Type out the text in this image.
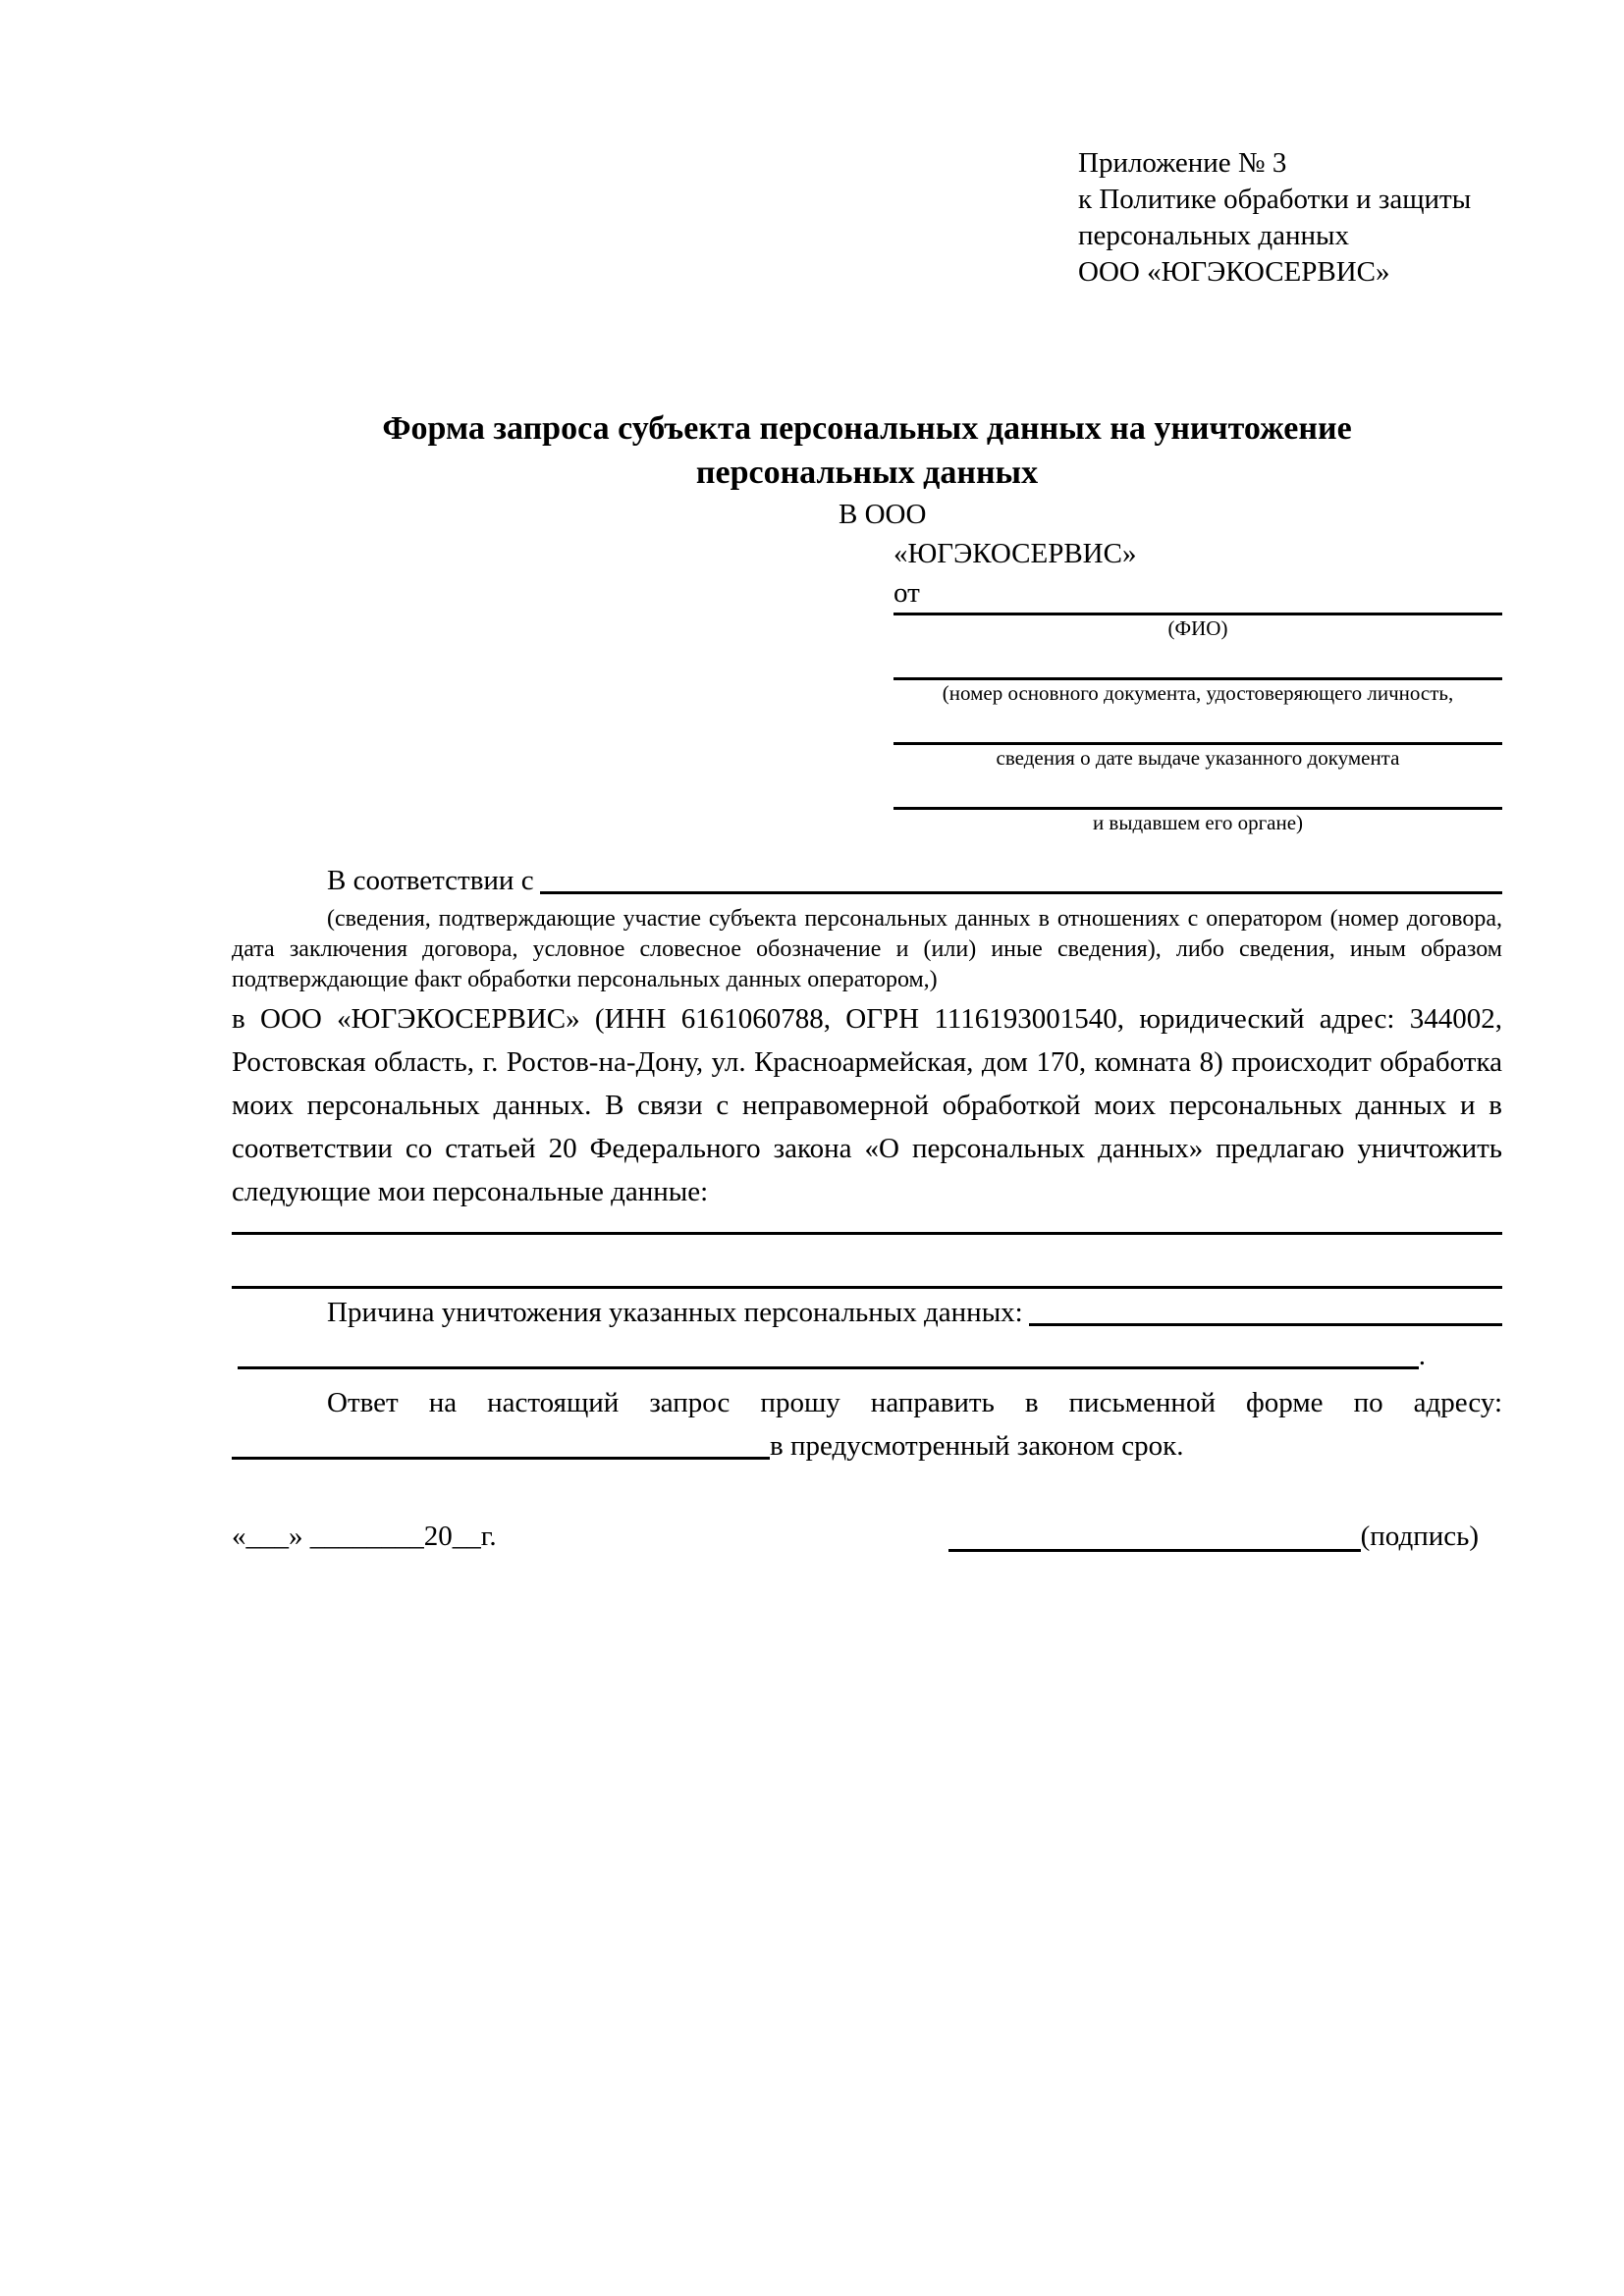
Приложение № 3
к Политике обработки и защиты
персональных данных
ООО «ЮГЭКОСЕРВИС»
Форма запроса субъекта персональных данных на уничтожение
персональных данных
В ООО
«ЮГЭКОСЕРВИС»
от
(ФИО)
(номер основного документа, удостоверяющего личность,
сведения о дате выдаче указанного документа
и выдавшем его органе)
В соответствии с
(сведения, подтверждающие участие субъекта персональных данных в отношениях с оператором (номер договора, дата заключения договора, условное словесное обозначение и (или) иные сведения), либо сведения, иным образом подтверждающие факт обработки персональных данных оператором,)
в ООО «ЮГЭКОСЕРВИС» (ИНН 6161060788, ОГРН 1116193001540, юридический адрес: 344002, Ростовская область, г. Ростов-на-Дону, ул. Красноармейская, дом 170, комната 8) происходит обработка моих персональных данных. В связи с неправомерной обработкой моих персональных данных и в соответствии со статьей 20 Федерального закона «О персональных данных» предлагаю уничтожить следующие мои персональные данные:
Причина уничтожения указанных персональных данных:
.
Ответ на настоящий запрос прошу направить в письменной форме по адресу:
в предусмотренный законом срок.
«___» ________20__г.	(подпись)
